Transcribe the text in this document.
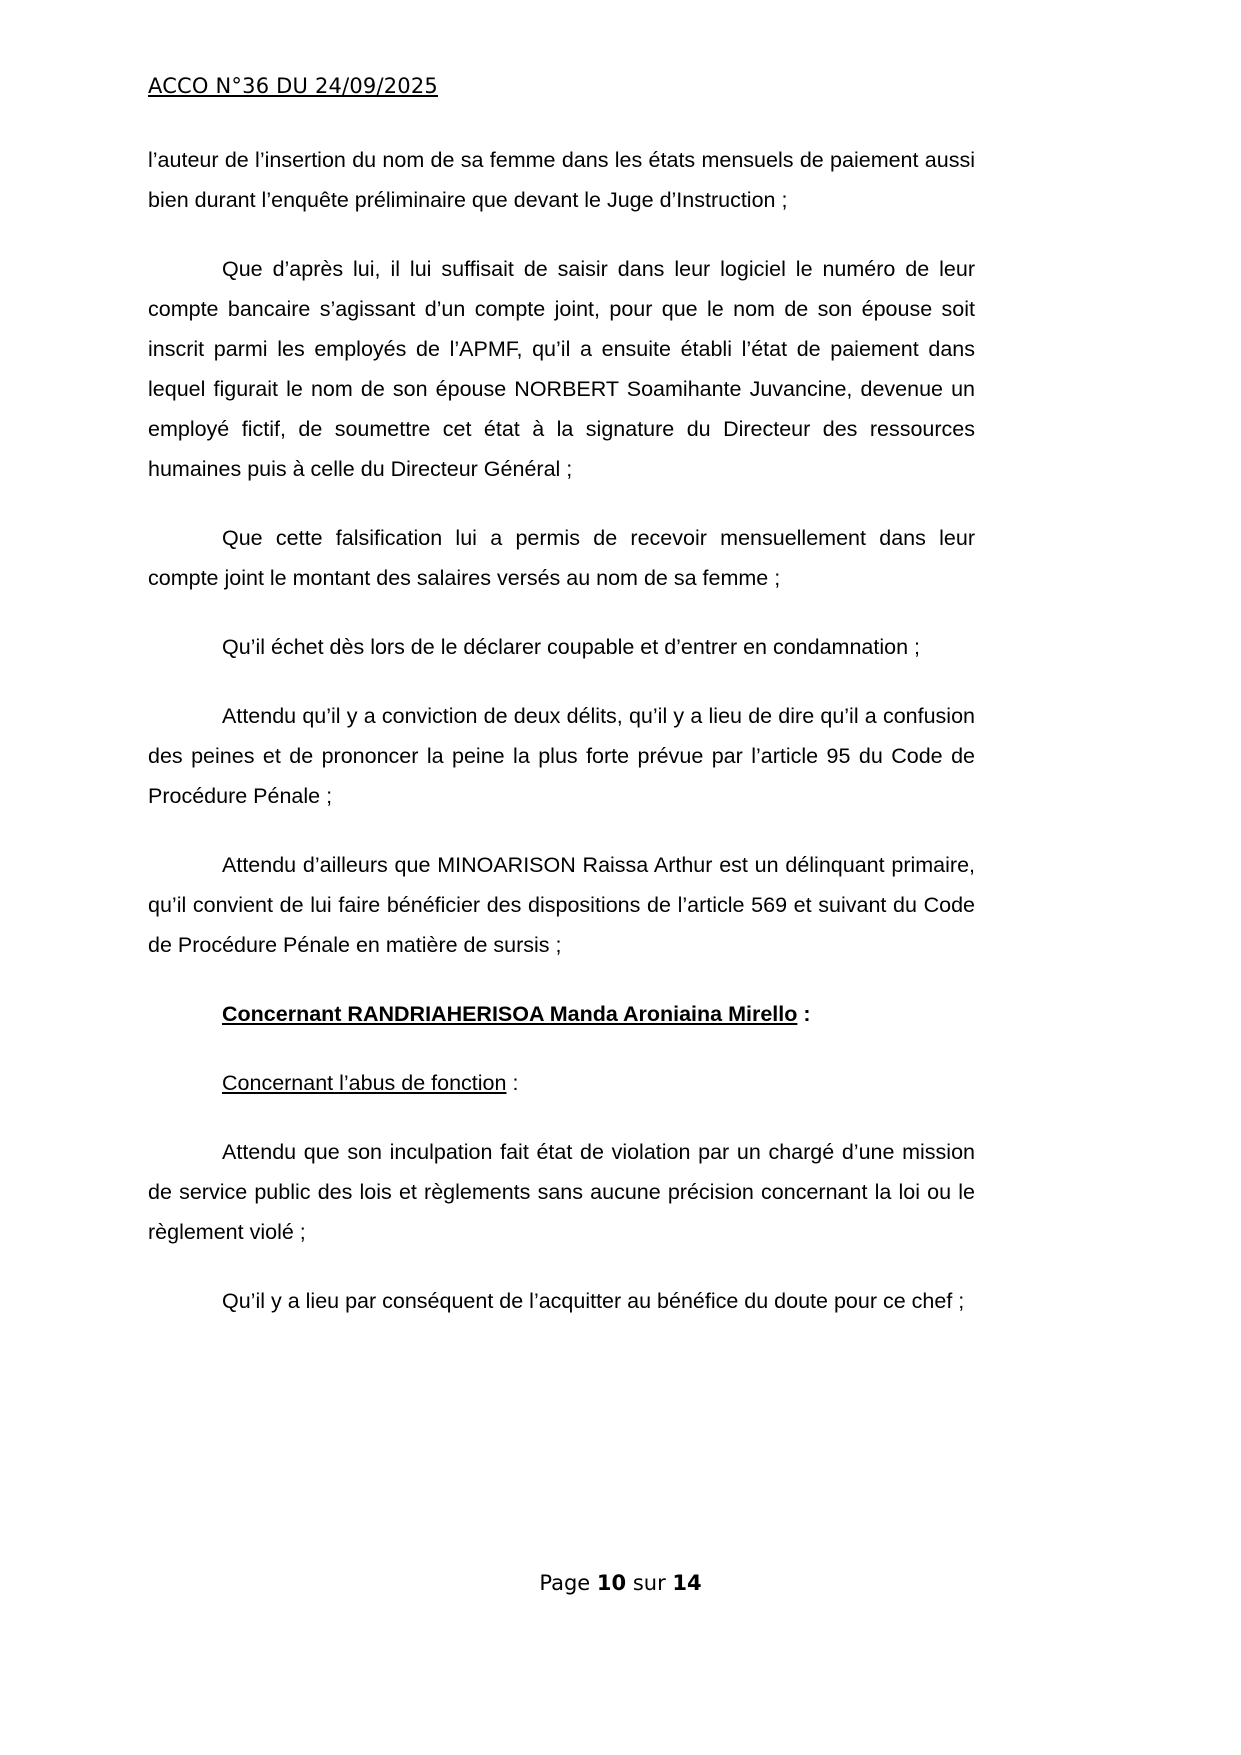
ACCO N°36 DU 24/09/2025

l’auteur de l’insertion du nom de sa femme dans les états mensuels de paiement aussi bien durant l’enquête préliminaire que devant le Juge d’Instruction ;

Que d’après lui, il lui suffisait de saisir dans leur logiciel le numéro de leur compte bancaire s’agissant d’un compte joint, pour que le nom de son épouse soit inscrit parmi les employés de l’APMF, qu’il a ensuite établi l’état de paiement dans lequel figurait le nom de son épouse NORBERT Soamihante Juvancine, devenue un employé fictif, de soumettre cet état à la signature du Directeur des ressources humaines puis à celle du Directeur Général ;

Que cette falsification lui a permis de recevoir mensuellement dans leur compte joint le montant des salaires versés au nom de sa femme ;

Qu’il échet dès lors de le déclarer coupable et d’entrer en condamnation ;

Attendu qu’il y a conviction de deux délits, qu’il y a lieu de dire qu’il a confusion des peines et de prononcer la peine la plus forte prévue par l’article 95 du Code de Procédure Pénale ;

Attendu d’ailleurs que MINOARISON Raissa Arthur est un délinquant primaire, qu’il convient de lui faire bénéficier des dispositions de l’article 569 et suivant du Code de Procédure Pénale en matière de sursis ;

Concernant RANDRIAHERISOA Manda Aroniaina Mirello :

Concernant l’abus de fonction :

Attendu que son inculpation fait état de violation par un chargé d’une mission de service public des lois et règlements sans aucune précision concernant la loi ou le règlement violé ;

Qu’il y a lieu par conséquent de l’acquitter au bénéfice du doute pour ce chef ;

Page 10 sur 14
